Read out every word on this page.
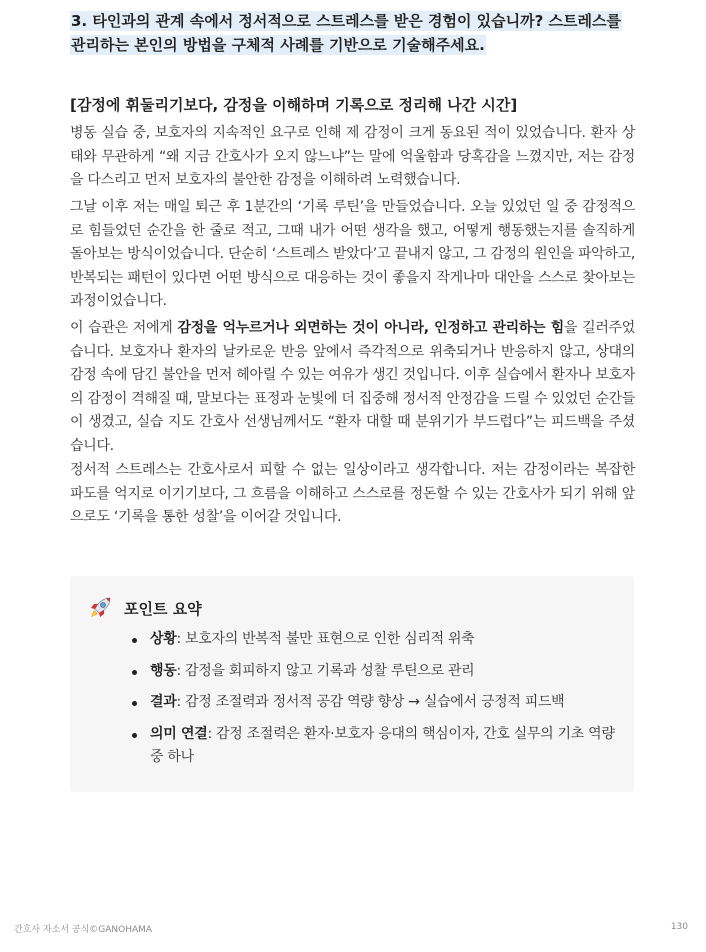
3. 타인과의 관계 속에서 정서적으로 스트레스를 받은 경험이 있습니까? 스트레스를 관리하는 본인의 방법을 구체적 사례를 기반으로 기술해주세요.
[감정에 휘둘리기보다, 감정을 이해하며 기록으로 정리해 나간 시간]

병동 실습 중, 보호자의 지속적인 요구로 인해 제 감정이 크게 동요된 적이 있었습니다. 환자 상태와 무관하게 “왜 지금 간호사가 오지 않느냐”는 말에 억울함과 당혹감을 느꼈지만, 저는 감정을 다스리고 먼저 보호자의 불안한 감정을 이해하려 노력했습니다.

그날 이후 저는 매일 퇴근 후 1분간의 ‘기록 루틴’을 만들었습니다. 오늘 있었던 일 중 감정적으로 힘들었던 순간을 한 줄로 적고, 그때 내가 어떤 생각을 했고, 어떻게 행동했는지를 솔직하게 돌아보는 방식이었습니다. 단순히 ‘스트레스 받았다’고 끝내지 않고, 그 감정의 원인을 파악하고, 반복되는 패턴이 있다면 어떤 방식으로 대응하는 것이 좋을지 작게나마 대안을 스스로 찾아보는 과정이었습니다.

이 습관은 저에게 감정을 억누르거나 외면하는 것이 아니라, 인정하고 관리하는 힘을 길러주었습니다. 보호자나 환자의 날카로운 반응 앞에서 즉각적으로 위축되거나 반응하지 않고, 상대의 감정 속에 담긴 불안을 먼저 헤아릴 수 있는 여유가 생긴 것입니다. 이후 실습에서 환자나 보호자의 감정이 격해질 때, 말보다는 표정과 눈빛에 더 집중해 정서적 안정감을 드릴 수 있었던 순간들이 생겼고, 실습 지도 간호사 선생님께서도 “환자 대할 때 분위기가 부드럽다”는 피드백을 주셨습니다.

정서적 스트레스는 간호사로서 피할 수 없는 일상이라고 생각합니다. 저는 감정이라는 복잡한 파도를 억지로 이기기보다, 그 흐름을 이해하고 스스로를 정돈할 수 있는 간호사가 되기 위해 앞으로도 ‘기록을 통한 성찰’을 이어갈 것입니다.

포인트 요약
상황: 보호자의 반복적 불만 표현으로 인한 심리적 위축
행동: 감정을 회피하지 않고 기록과 성찰 루틴으로 관리
결과: 감정 조절력과 정서적 공감 역량 향상 → 실습에서 긍정적 피드백
의미 연결: 감정 조절력은 환자·보호자 응대의 핵심이자, 간호 실무의 기초 역량 중 하나
간호사 자소서 공식©GANOHAMA	130
